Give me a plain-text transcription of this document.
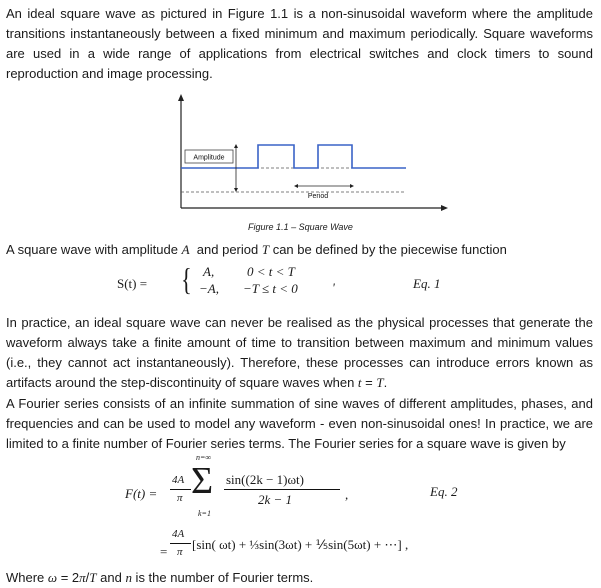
An ideal square wave as pictured in Figure 1.1 is a non-sinusoidal waveform where the amplitude transitions instantaneously between a fixed minimum and maximum periodically. Square waveforms are used in a wide range of applications from electrical switches and clock timers to sound reproduction and image processing.
Amplitude
Period
Figure 1.1 – Square Wave
A square wave with amplitude A  and period T can be defined by the piecewise function
S(t) = { A,	0 < t < T
−A, −T ≤ t < 0	'	Eq. 1
In practice, an ideal square wave can never be realised as the physical processes that generate the waveform always take a finite amount of time to transition between maximum and minimum values (i.e., they cannot act instantaneously). Therefore, these processes can introduce errors known as artifacts around the step-discontinuity of square waves when t = T.
A Fourier series consists of an infinite summation of sine waves of different amplitudes, phases, and frequencies and can be used to model any waveform - even non-sinusoidal ones! In practice, we are limited to a finite number of Fourier series terms. The Fourier series for a square wave is given by
F(t) =
4A
π
n=∞
Σ
k=1
sin((2k − 1)ωt)
2k − 1	,	Eq. 2
=
4A
π [sin( ωt) + ⅓sin(3ωt) + ⅕sin(5ωt) + ⋯] ,
Where ω = 2π/T and n is the number of Fourier terms.
